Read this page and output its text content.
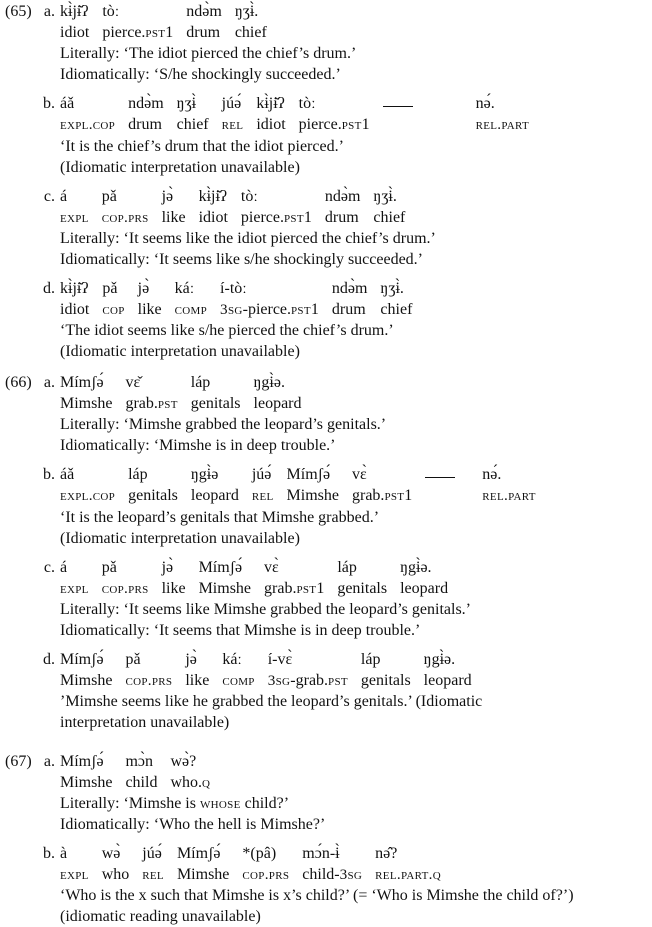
(65) a. kɨ̀jɨ̌ʔ
idiot
tòː
pierce.pst1
ndə̀m
drum
ŋʒɨ̀.
chief
Literally: ‘The idiot pierced the chief’s drum.’
Idiomatically: ‘S/he shockingly succeeded.’
b. áǎ
expl.cop
ndə̀m
drum
ŋʒɨ̀
chief
júə́
rel
kɨ̀jɨ̌ʔ
idiot
tòː
pierce.pst1
nə́.
rel.part
‘It is the chief’s drum that the idiot pierced.’
(Idiomatic interpretation unavailable)
c. á
expl
pǎ
cop.prs
jə̀
like
kɨ̀jɨ̌ʔ
idiot
tòː
pierce.pst1
ndə̀m
drum
ŋʒɨ̀.
chief
Literally: ‘It seems like the idiot pierced the chief’s drum.’
Idiomatically: ‘It seems like s/he shockingly succeeded.’
d. kɨ̀jɨ̌ʔ
idiot
pǎ
cop
jə̀
like
káː
comp
í-tòː
3sg-pierce.pst1
ndə̀m
drum
ŋʒɨ̀.
chief
‘The idiot seems like s/he pierced the chief’s drum.’
(Idiomatic interpretation unavailable)
(66) a. Mímʃə́
Mimshe
vɛ̌
grab.pst
láp
genitals
ŋgɨ̀ə.
leopard
Literally: ‘Mimshe grabbed the leopard’s genitals.’
Idiomatically: ‘Mimshe is in deep trouble.’
b. áǎ
expl.cop
láp
genitals
ŋgɨ̀ə
leopard
júə́
rel
Mímʃə́
Mimshe
vɛ̀
grab.pst1
nə́.
rel.part
‘It is the leopard’s genitals that Mimshe grabbed.’
(Idiomatic interpretation unavailable)
c. á
expl
pǎ
cop.prs
jə̀
like
Mímʃə́
Mimshe
vɛ̀
grab.pst1
láp
genitals
ŋgɨ̀ə.
leopard
Literally: ‘It seems like Mimshe grabbed the leopard’s genitals.’
Idiomatically: ‘It seems that Mimshe is in deep trouble.’
d. Mímʃə́
Mimshe
pǎ
cop.prs
jə̀
like
káː
comp
í-vɛ̀
3sg-grab.pst
láp
genitals
ŋgɨ̀ə.
leopard
’Mimshe seems like he grabbed the leopard’s genitals.’ (Idiomatic
interpretation unavailable)
(67) a. Mímʃə́
Mimshe
mɔ̀n
child
wə̀?
who.q
Literally: ‘Mimshe is whose child?’
Idiomatically: ‘Who the hell is Mimshe?’
b. à
expl
wə̀
who
júə́
rel
Mímʃə́
Mimshe
*(pâ)
cop.prs
mɔ́n-ɨ̀
child-3sg
nə̂?
rel.part.q
‘Who is the x such that Mimshe is x’s child?’ (= ‘Who is Mimshe the child of?’)
(idiomatic reading unavailable)
